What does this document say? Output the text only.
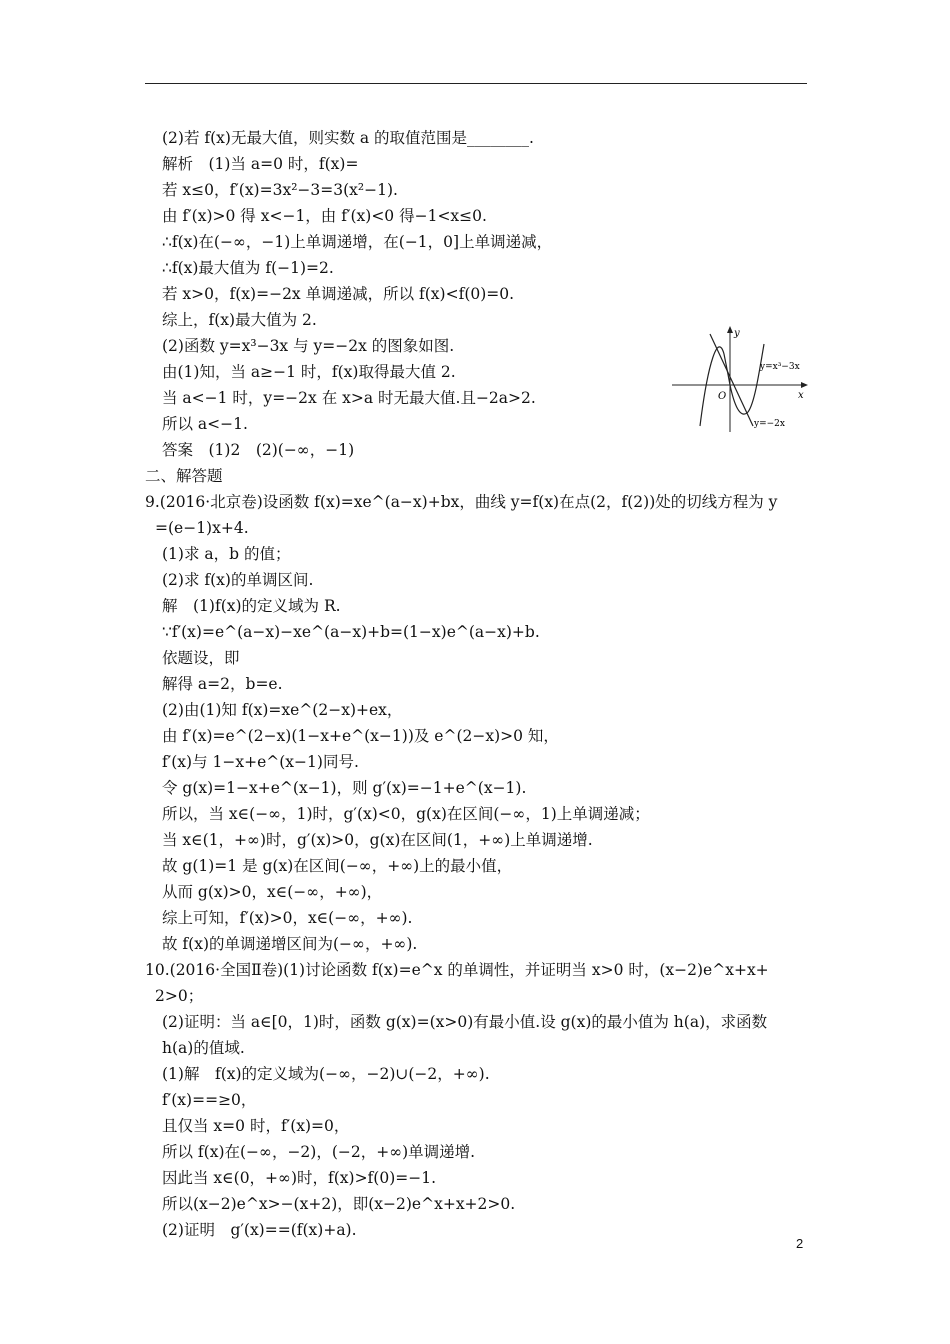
(2)若 f(x)无最大值，则实数 a 的取值范围是________.
解析　(1)当 a=0 时，f(x)=
若 x≤0，f′(x)=3x²−3=3(x²−1).
由 f′(x)>0 得 x<−1，由 f′(x)<0 得−1<x≤0.
∴f(x)在(−∞，−1)上单调递增，在(−1，0]上单调递减，
∴f(x)最大值为 f(−1)=2.
若 x>0，f(x)=−2x 单调递减，所以 f(x)<f(0)=0.
综上，f(x)最大值为 2.
(2)函数 y=x³−3x 与 y=−2x 的图象如图.
由(1)知，当 a≥−1 时，f(x)取得最大值 2.
当 a<−1 时，y=−2x 在 x>a 时无最大值.且−2a>2.
所以 a<−1.
答案　(1)2　(2)(−∞，−1)
二、解答题
9.(2016·北京卷)设函数 f(x)=xe^(a−x)+bx，曲线 y=f(x)在点(2，f(2))处的切线方程为 y
=(e−1)x+4.
(1)求 a，b 的值；
(2)求 f(x)的单调区间.
解　(1)f(x)的定义域为 R.
∵f′(x)=e^(a−x)−xe^(a−x)+b=(1−x)e^(a−x)+b.
依题设，即
解得 a=2，b=e.
(2)由(1)知 f(x)=xe^(2−x)+ex，
由 f′(x)=e^(2−x)(1−x+e^(x−1))及 e^(2−x)>0 知，
f′(x)与 1−x+e^(x−1)同号.
令 g(x)=1−x+e^(x−1)，则 g′(x)=−1+e^(x−1).
所以，当 x∈(−∞，1)时，g′(x)<0，g(x)在区间(−∞，1)上单调递减；
当 x∈(1，+∞)时，g′(x)>0，g(x)在区间(1，+∞)上单调递增.
故 g(1)=1 是 g(x)在区间(−∞，+∞)上的最小值，
从而 g(x)>0，x∈(−∞，+∞)，
综上可知，f′(x)>0，x∈(−∞，+∞).
故 f(x)的单调递增区间为(−∞，+∞).
10.(2016·全国Ⅱ卷)(1)讨论函数 f(x)=e^x 的单调性，并证明当 x>0 时，(x−2)e^x+x+
2>0；
(2)证明：当 a∈[0，1)时，函数 g(x)=(x>0)有最小值.设 g(x)的最小值为 h(a)，求函数
h(a)的值域.
(1)解　f(x)的定义域为(−∞，−2)∪(−2，+∞).
f′(x)==≥0，
且仅当 x=0 时，f′(x)=0，
所以 f(x)在(−∞，−2)，(−2，+∞)单调递增.
因此当 x∈(0，+∞)时，f(x)>f(0)=−1.
所以(x−2)e^x>−(x+2)，即(x−2)e^x+x+2>0.
(2)证明　g′(x)==(f(x)+a).
y
x
O
y=x³−3x
y=−2x
2
